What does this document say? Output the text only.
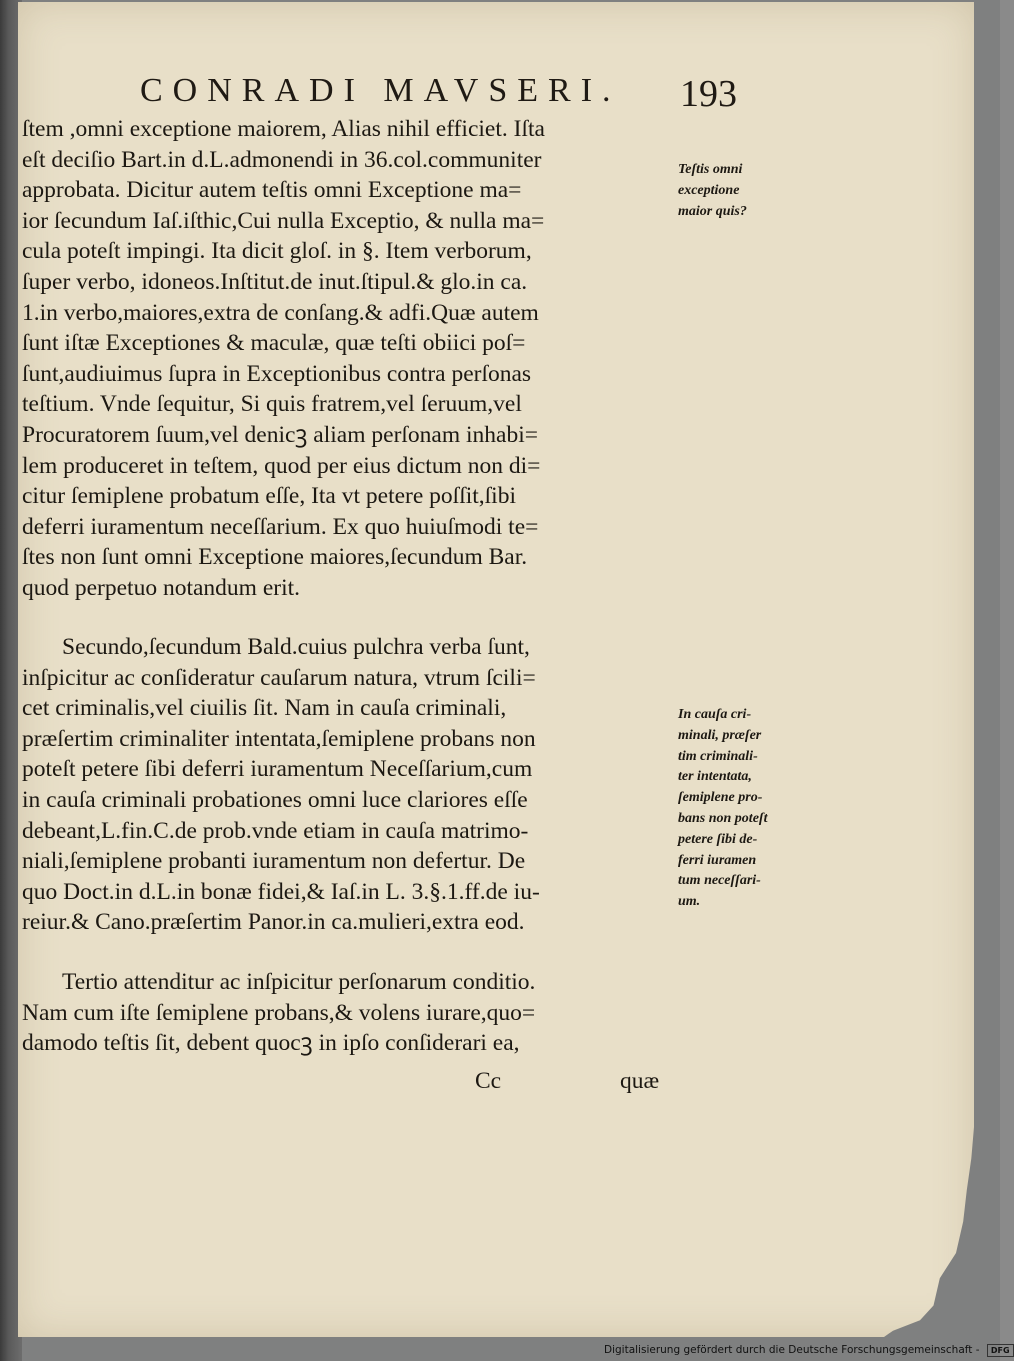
CONRADI MAVSERI. 193
ſtem ,omni exceptione maiorem, Alias nihil efficiet. Iſta
eſt deciſio Bart.in d.L.admonendi in 36.col.communiter
approbata. Dicitur autem teſtis omni Exceptione ma=
ior ſecundum Iaſ.iſthic,Cui nulla Exceptio, & nulla ma=
cula poteſt impingi. Ita dicit gloſ. in §. Item verborum,
ſuper verbo, idoneos.Inſtitut.de inut.ſtipul.& glo.in ca.
1.in verbo,maiores,extra de conſang.& adfi.Quæ autem
ſunt iſtæ Exceptiones & maculæ, quæ teſti obiici poſ=
ſunt,audiuimus ſupra in Exceptionibus contra perſonas
teſtium. Vnde ſequitur, Si quis fratrem,vel ſeruum,vel
Procuratorem ſuum,vel denicꝫ aliam perſonam inhabi=
lem produceret in teſtem, quod per eius dictum non di=
citur ſemiplene probatum eſſe, Ita vt petere poſſit,ſibi
deferri iuramentum neceſſarium. Ex quo huiuſmodi te=
ſtes non ſunt omni Exceptione maiores,ſecundum Bar.
quod perpetuo notandum erit.
Secundo,ſecundum Bald.cuius pulchra verba ſunt,
inſpicitur ac conſideratur cauſarum natura, vtrum ſcili=
cet criminalis,vel ciuilis ſit. Nam in cauſa criminali,
præſertim criminaliter intentata,ſemiplene probans non
poteſt petere ſibi deferri iuramentum Neceſſarium,cum
in cauſa criminali probationes omni luce clariores eſſe
debeant,L.fin.C.de prob.vnde etiam in cauſa matrimo-
niali,ſemiplene probanti iuramentum non defertur. De
quo Doct.in d.L.in bonæ fidei,& Iaſ.in L. 3.§.1.ff.de iu-
reiur.& Cano.præſertim Panor.in ca.mulieri,extra eod.
Tertio attenditur ac inſpicitur perſonarum conditio.
Nam cum iſte ſemiplene probans,& volens iurare,quo=
damodo teſtis ſit, debent quocꝫ in ipſo conſiderari ea,
Cc	quæ
Teſtis omni
exceptione
maior quis?
In cauſa cri-
minali, præſer
tim criminali-
ter intentata,
ſemiplene pro-
bans non poteſt
petere ſibi de-
ferri iuramen
tum neceſſari-
um.
Digitalisierung gefördert durch die Deutsche Forschungsgemeinschaft - DFG
